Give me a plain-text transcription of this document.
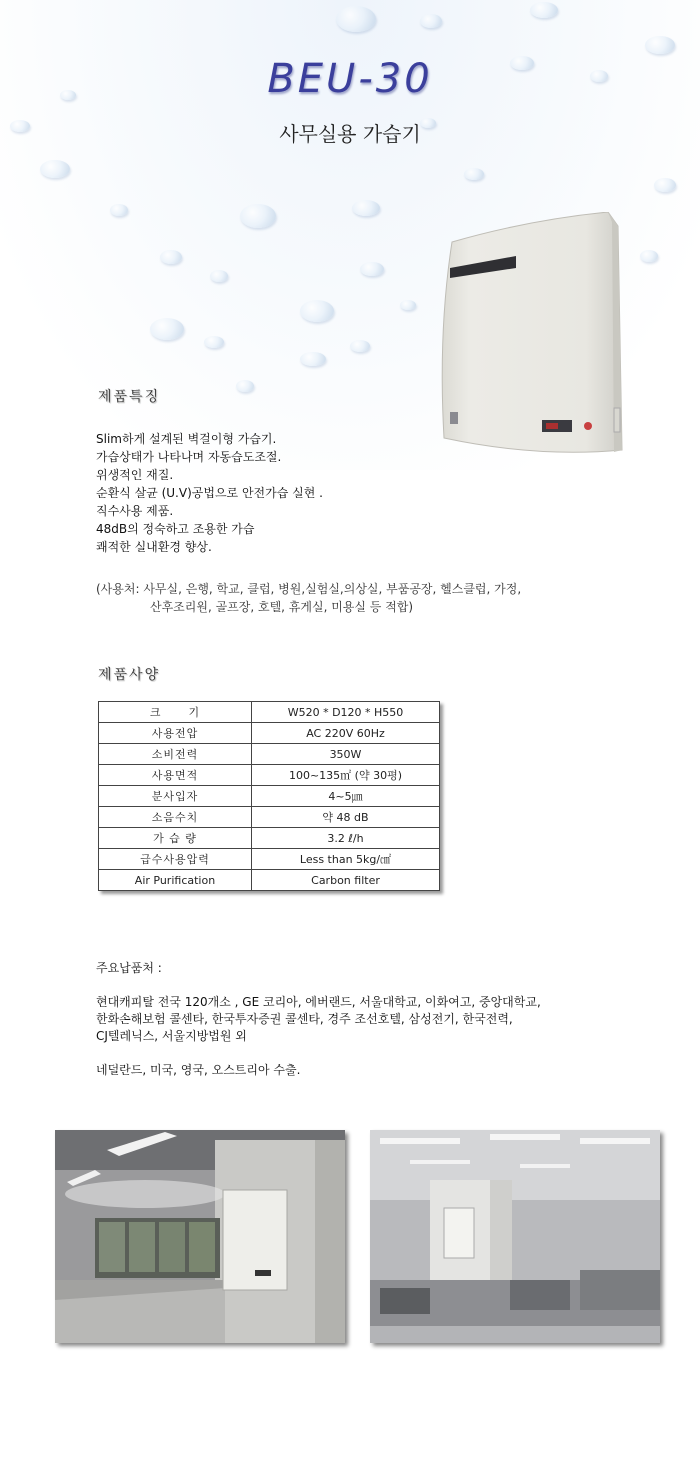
BEU-30
사무실용 가습기
제품특징
Slim하게 설계된 벽걸이형 가습기.
가습상태가 나타나며 자동습도조절.
위생적인 재질.
순환식 살균 (U.V)공법으로 안전가습 실현 .
직수사용 제품.
48dB의 정숙하고 조용한 가습
쾌적한 실내환경 향상.
(사용처: 사무실, 은행, 학교, 클럽, 병원,실험실,의상실, 부품공장, 헬스클럽, 가정,
산후조리원, 골프장, 호텔, 휴게실, 미용실 등 적합)
제품사양
크      기	W520 * D120 * H550
사용전압	AC 220V 60Hz
소비전력	350W
사용면적	100~135㎡ (약 30평)
분사입자	4~5㎛
소음수치	약 48 dB
가 습 량	3.2 ℓ/h
급수사용압력	Less than 5kg/㎠
Air Purification	Carbon filter
주요납품처 :
현대캐피탈 전국 120개소 , GE 코리아, 에버랜드, 서울대학교, 이화여고, 중앙대학교,
한화손해보험 콜센타, 한국투자증권 콜센타, 경주 조선호텔, 삼성전기, 한국전력,
CJ텔레닉스, 서울지방법원 외
네덜란드, 미국, 영국, 오스트리아 수출.
